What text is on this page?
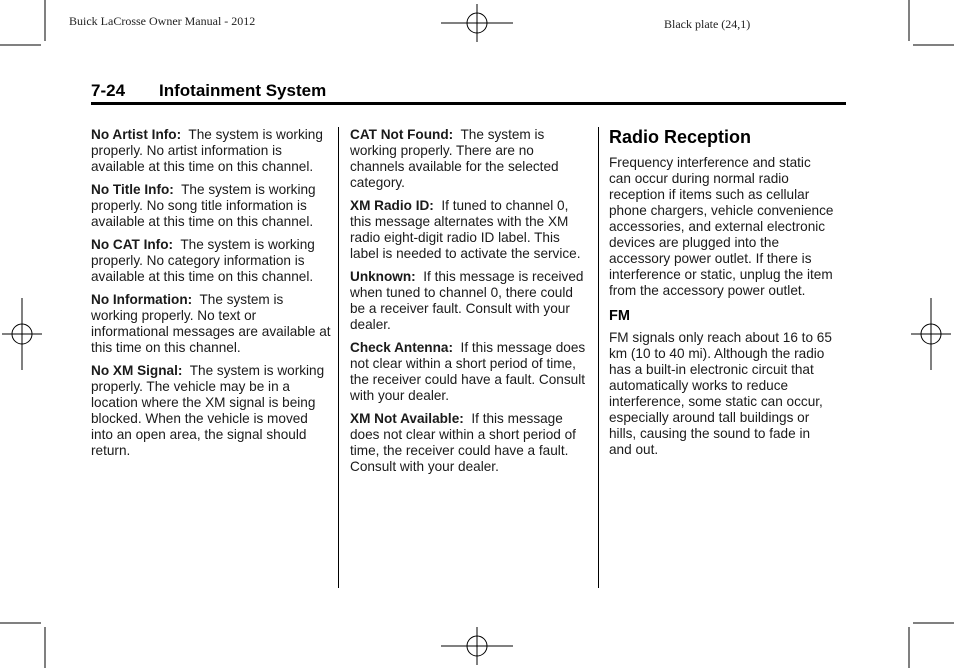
Buick LaCrosse Owner Manual - 2012	Black plate (24,1)
7-24 Infotainment System

No Artist Info: The system is working properly. No artist information is available at this time on this channel.

No Title Info: The system is working properly. No song title information is available at this time on this channel.

No CAT Info: The system is working properly. No category information is available at this time on this channel.

No Information: The system is working properly. No text or informational messages are available at this time on this channel.

No XM Signal: The system is working properly. The vehicle may be in a location where the XM signal is being blocked. When the vehicle is moved into an open area, the signal should return.

CAT Not Found: The system is working properly. There are no channels available for the selected category.

XM Radio ID: If tuned to channel 0, this message alternates with the XM radio eight-digit radio ID label. This label is needed to activate the service.

Unknown: If this message is received when tuned to channel 0, there could be a receiver fault. Consult with your dealer.

Check Antenna: If this message does not clear within a short period of time, the receiver could have a fault. Consult with your dealer.

XM Not Available: If this message does not clear within a short period of time, the receiver could have a fault. Consult with your dealer.

Radio Reception

Frequency interference and static can occur during normal radio reception if items such as cellular phone chargers, vehicle convenience accessories, and external electronic devices are plugged into the accessory power outlet. If there is interference or static, unplug the item from the accessory power outlet.

FM

FM signals only reach about 16 to 65 km (10 to 40 mi). Although the radio has a built-in electronic circuit that automatically works to reduce interference, some static can occur, especially around tall buildings or hills, causing the sound to fade in and out.
